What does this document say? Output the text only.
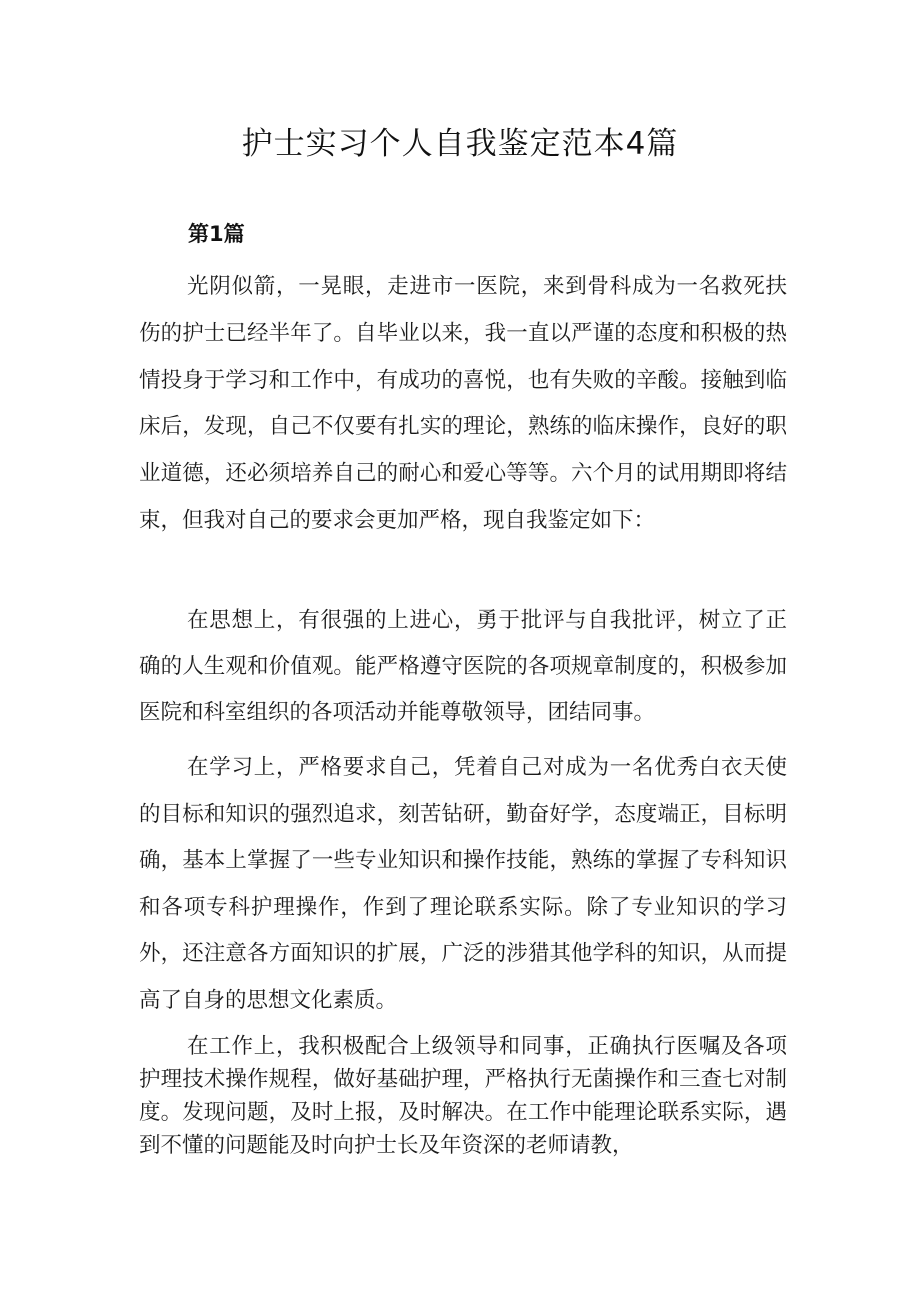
护士实习个人自我鉴定范本4篇
第1篇

光阴似箭，一晃眼，走进市一医院，来到骨科成为一名救死扶伤的护士已经半年了。自毕业以来，我一直以严谨的态度和积极的热情投身于学习和工作中，有成功的喜悦，也有失败的辛酸。接触到临床后，发现，自己不仅要有扎实的理论，熟练的临床操作，良好的职业道德，还必须培养自己的耐心和爱心等等。六个月的试用期即将结束，但我对自己的要求会更加严格，现自我鉴定如下：

在思想上，有很强的上进心，勇于批评与自我批评，树立了正确的人生观和价值观。能严格遵守医院的各项规章制度的，积极参加医院和科室组织的各项活动并能尊敬领导，团结同事。

在学习上，严格要求自己，凭着自己对成为一名优秀白衣天使的目标和知识的强烈追求，刻苦钻研，勤奋好学，态度端正，目标明确，基本上掌握了一些专业知识和操作技能，熟练的掌握了专科知识和各项专科护理操作，作到了理论联系实际。除了专业知识的学习外，还注意各方面知识的扩展，广泛的涉猎其他学科的知识，从而提高了自身的思想文化素质。

在工作上，我积极配合上级领导和同事，正确执行医嘱及各项护理技术操作规程，做好基础护理，严格执行无菌操作和三查七对制度。发现问题，及时上报，及时解决。在工作中能理论联系实际，遇到不懂的问题能及时向护士长及年资深的老师请教，
